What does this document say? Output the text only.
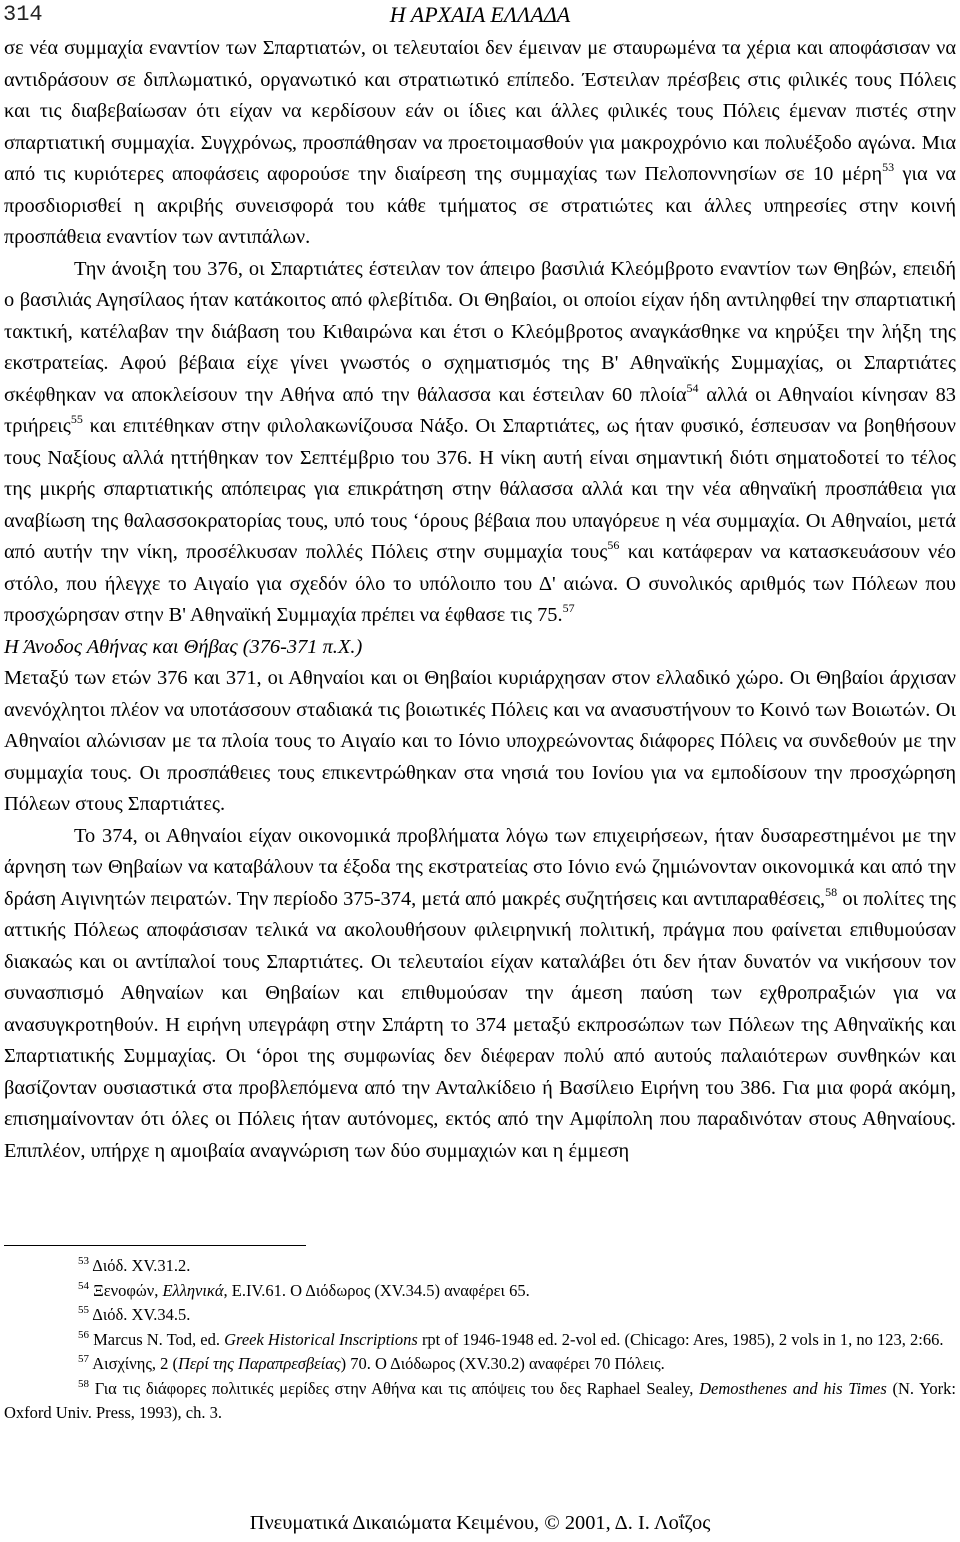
314	Η ΑΡΧΑΙΑ ΕΛΛΑΔΑ

σε νέα συμμαχία εναντίον των Σπαρτιατών, οι τελευταίοι δεν έμειναν με σταυρωμένα τα χέρια και αποφάσισαν να αντιδράσουν σε διπλωματικό, οργανωτικό και στρατιωτικό επίπεδο. Έστειλαν πρέσβεις στις φιλικές τους Πόλεις και τις διαβεβαίωσαν ότι είχαν να κερδίσουν εάν οι ίδιες και άλλες φιλικές τους Πόλεις έμεναν πιστές στην σπαρτιατική συμμαχία. Συγχρόνως, προσπάθησαν να προετοιμασθούν για μακροχρόνιο και πολυέξοδο αγώνα. Μια από τις κυριότερες αποφάσεις αφορούσε την διαίρεση της συμμαχίας των Πελοποννησίων σε 10 μέρη$^{53}$ για να προσδιορισθεί η ακριβής συνεισφορά του κάθε τμήματος σε στρατιώτες και άλλες υπηρεσίες στην κοινή προσπάθεια εναντίον των αντιπάλων.

Την άνοιξη του 376, οι Σπαρτιάτες έστειλαν τον άπειρο βασιλιά Κλεόμβροτο εναντίον των Θηβών, επειδή ο βασιλιάς Αγησίλαος ήταν κατάκοιτος από φλεβίτιδα. Οι Θηβαίοι, οι οποίοι είχαν ήδη αντιληφθεί την σπαρτιατική τακτική, κατέλαβαν την διάβαση του Κιθαιρώνα και έτσι ο Κλεόμβροτος αναγκάσθηκε να κηρύξει την λήξη της εκστρατείας. Αφού βέβαια είχε γίνει γνωστός ο σχηματισμός της Β' Αθηναϊκής Συμμαχίας, οι Σπαρτιάτες σκέφθηκαν να αποκλείσουν την Αθήνα από την θάλασσα και έστειλαν 60 πλοία$^{54}$ αλλά οι Αθηναίοι κίνησαν 83 τριήρεις$^{55}$ και επιτέθηκαν στην φιλολακωνίζουσα Νάξο. Οι Σπαρτιάτες, ως ήταν φυσικό, έσπευσαν να βοηθήσουν τους Ναξίους αλλά ηττήθηκαν τον Σεπτέμβριο του 376. Η νίκη αυτή είναι σημαντική διότι σηματοδοτεί το τέλος της μικρής σπαρτιατικής απόπειρας για επικράτηση στην θάλασσα αλλά και την νέα αθηναϊκή προσπάθεια για αναβίωση της θαλασσοκρατορίας τους, υπό τους ‘όρους βέβαια που υπαγόρευε η νέα συμμαχία. Οι Αθηναίοι, μετά από αυτήν την νίκη, προσέλκυσαν πολλές Πόλεις στην συμμαχία τους$^{56}$ και κατάφεραν να κατασκευάσουν νέο στόλο, που ήλεγχε το Αιγαίο για σχεδόν όλο το υπόλοιπο του Δ' αιώνα. Ο συνολικός αριθμός των Πόλεων που προσχώρησαν στην Β' Αθηναϊκή Συμμαχία πρέπει να έφθασε τις 75.57

Η Άνοδος Αθήνας και Θήβας (376-371 π.Χ.)

Μεταξύ των ετών 376 και 371, οι Αθηναίοι και οι Θηβαίοι κυριάρχησαν στον ελλαδικό χώρο. Οι Θηβαίοι άρχισαν ανενόχλητοι πλέον να υποτάσσουν σταδιακά τις βοιωτικές Πόλεις και να ανασυστήνουν το Κοινό των Βοιωτών. Οι Αθηναίοι αλώνισαν με τα πλοία τους το Αιγαίο και το Ιόνιο υποχρεώνοντας διάφορες Πόλεις να συνδεθούν με την συμμαχία τους. Οι προσπάθειες τους επικεντρώθηκαν στα νησιά του Ιονίου για να εμποδίσουν την προσχώρηση Πόλεων στους Σπαρτιάτες.

Το 374, οι Αθηναίοι είχαν οικονομικά προβλήματα λόγω των επιχειρήσεων, ήταν δυσαρεστημένοι με την άρνηση των Θηβαίων να καταβάλουν τα έξοδα της εκστρατείας στο Ιόνιο ενώ ζημιώνονταν οικονομικά και από την δράση Αιγινητών πειρατών. Την περίοδο 375-374, μετά από μακρές συζητήσεις και αντιπαραθέσεις,$^{58}$ οι πολίτες της αττικής Πόλεως αποφάσισαν τελικά να ακολουθήσουν φιλειρηνική πολιτική, πράγμα που φαίνεται επιθυμούσαν διακαώς και οι αντίπαλοί τους Σπαρτιάτες. Οι τελευταίοι είχαν καταλάβει ότι δεν ήταν δυνατόν να νικήσουν τον συνασπισμό Αθηναίων και Θηβαίων και επιθυμούσαν την άμεση παύση των εχθροπραξιών για να ανασυγκροτηθούν. Η ειρήνη υπεγράφη στην Σπάρτη το 374 μεταξύ εκπροσώπων των Πόλεων της Αθηναϊκής και Σπαρτιατικής Συμμαχίας. Οι ‘όροι της συμφωνίας δεν διέφεραν πολύ από αυτούς παλαιότερων συνθηκών και βασίζονταν ουσιαστικά στα προβλεπόμενα από την Ανταλκίδειο ή Βασίλειο Ειρήνη του 386. Για μια φορά ακόμη, επισημαίνονταν ότι όλες οι Πόλεις ήταν αυτόνομες, εκτός από την Αμφίπολη που παραδινόταν στους Αθηναίους. Επιπλέον, υπήρχε η αμοιβαία αναγνώριση των δύο συμμαχιών και η έμμεση

$^{53}$ Διόδ. XV.31.2.

$^{54}$ Ξενοφών, Ελληνικά, E.IV.61. Ο Διόδωρος (XV.34.5) αναφέρει 65.

$^{55}$ Διόδ. XV.34.5.

$^{56}$ Marcus N. Tod, ed. Greek Historical Inscriptions rpt of 1946-1948 ed. 2-vol ed. (Chicago: Ares, 1985), 2 vols in 1, no 123, 2:66.

$^{57}$ Αισχίνης, 2 (Περί της Παραπρεσβείας) 70. Ο Διόδωρος (XV.30.2) αναφέρει 70 Πόλεις.

$^{58}$ Για τις διάφορες πολιτικές μερίδες στην Αθήνα και τις απόψεις του δες Raphael Sealey, Demosthenes and his Times (N. York: Oxford Univ. Press, 1993), ch. 3.

Πνευματικά Δικαιώματα Κειμένου, © 2001, Δ. Ι. Λοΐζος
